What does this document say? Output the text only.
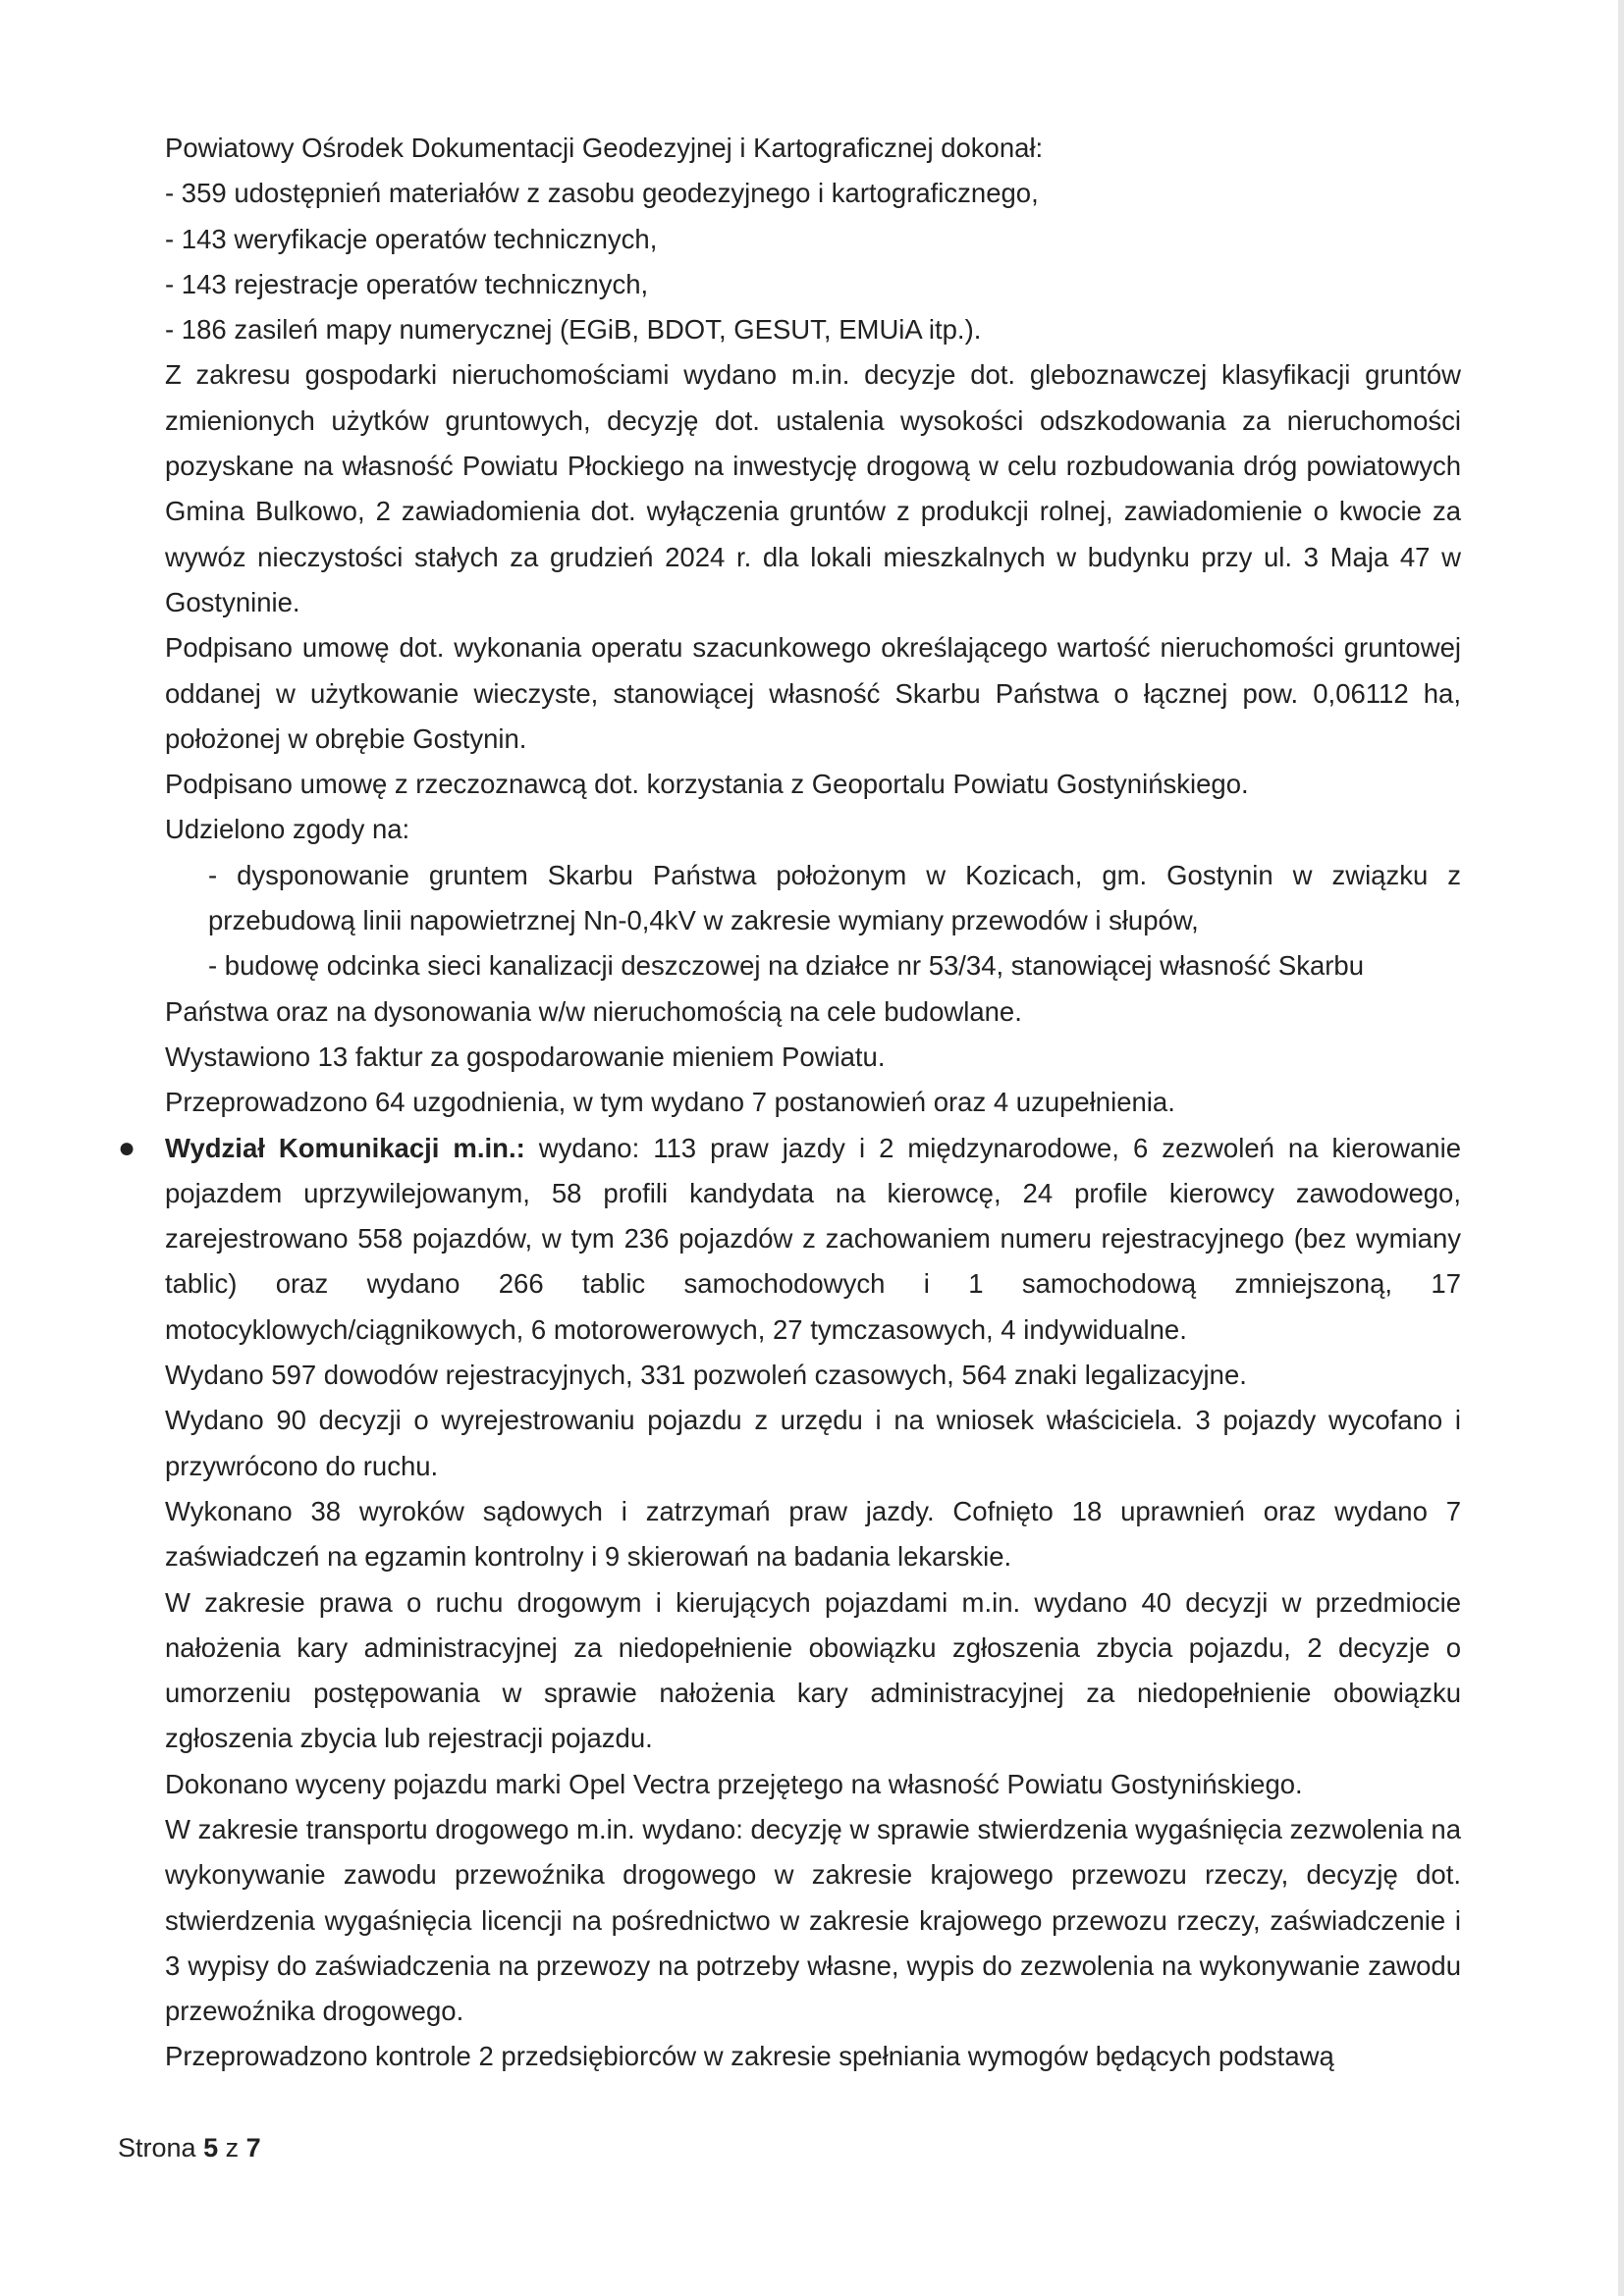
Powiatowy Ośrodek Dokumentacji Geodezyjnej i Kartograficznej dokonał:

- 359 udostępnień materiałów z zasobu geodezyjnego i kartograficznego,

- 143 weryfikacje operatów technicznych,

- 143 rejestracje operatów technicznych,

- 186 zasileń mapy numerycznej (EGiB, BDOT, GESUT, EMUiA itp.).

Z zakresu gospodarki nieruchomościami wydano m.in. decyzje dot. gleboznawczej klasyfikacji gruntów zmienionych użytków gruntowych, decyzję dot. ustalenia wysokości odszkodowania za nieruchomości pozyskane na własność Powiatu Płockiego na inwestycję drogową w celu rozbudowania dróg powiatowych Gmina Bulkowo, 2 zawiadomienia dot. wyłączenia gruntów z produkcji rolnej, zawiadomienie o kwocie za wywóz nieczystości stałych za grudzień 2024 r. dla lokali mieszkalnych w budynku przy ul. 3 Maja 47 w Gostyninie.

Podpisano umowę dot. wykonania operatu szacunkowego określającego wartość nieruchomości gruntowej oddanej w użytkowanie wieczyste, stanowiącej własność Skarbu Państwa o łącznej pow. 0,06112 ha, położonej w obrębie Gostynin.

Podpisano umowę z rzeczoznawcą dot. korzystania z Geoportalu Powiatu Gostynińskiego.

Udzielono zgody na:

- dysponowanie gruntem Skarbu Państwa położonym w Kozicach, gm. Gostynin w związku z przebudową linii napowietrznej Nn-0,4kV w zakresie wymiany przewodów i słupów,

- budowę odcinka sieci kanalizacji deszczowej na działce nr 53/34, stanowiącej własność Skarbu

Państwa oraz na dysonowania w/w nieruchomością na cele budowlane.

Wystawiono 13 faktur za gospodarowanie mieniem Powiatu.

Przeprowadzono 64 uzgodnienia, w tym wydano 7 postanowień oraz 4 uzupełnienia.

● Wydział Komunikacji m.in.: wydano: 113 praw jazdy i 2 międzynarodowe, 6 zezwoleń na kierowanie pojazdem uprzywilejowanym, 58 profili kandydata na kierowcę, 24 profile kierowcy zawodowego, zarejestrowano 558 pojazdów, w tym 236 pojazdów z zachowaniem numeru rejestracyjnego (bez wymiany tablic) oraz wydano 266 tablic samochodowych i 1 samochodową zmniejszoną, 17 motocyklowych/ciągnikowych, 6 motorowerowych, 27 tymczasowych, 4 indywidualne.

Wydano 597 dowodów rejestracyjnych, 331 pozwoleń czasowych, 564 znaki legalizacyjne.

Wydano 90 decyzji o wyrejestrowaniu pojazdu z urzędu i na wniosek właściciela. 3 pojazdy wycofano i przywrócono do ruchu.

Wykonano 38 wyroków sądowych i zatrzymań praw jazdy. Cofnięto 18 uprawnień oraz wydano 7 zaświadczeń na egzamin kontrolny i 9 skierowań na badania lekarskie.

W zakresie prawa o ruchu drogowym i kierujących pojazdami m.in. wydano 40 decyzji w przedmiocie nałożenia kary administracyjnej za niedopełnienie obowiązku zgłoszenia zbycia pojazdu, 2 decyzje o umorzeniu postępowania w sprawie nałożenia kary administracyjnej za niedopełnienie obowiązku zgłoszenia zbycia lub rejestracji pojazdu.

Dokonano wyceny pojazdu marki Opel Vectra przejętego na własność Powiatu Gostynińskiego.

W zakresie transportu drogowego m.in. wydano: decyzję w sprawie stwierdzenia wygaśnięcia zezwolenia na wykonywanie zawodu przewoźnika drogowego w zakresie krajowego przewozu rzeczy, decyzję dot. stwierdzenia wygaśnięcia licencji na pośrednictwo w zakresie krajowego przewozu rzeczy, zaświadczenie i 3 wypisy do zaświadczenia na przewozy na potrzeby własne, wypis do zezwolenia na wykonywanie zawodu przewoźnika drogowego.

Przeprowadzono kontrole 2 przedsiębiorców w zakresie spełniania wymogów będących podstawą

Strona 5 z 7
